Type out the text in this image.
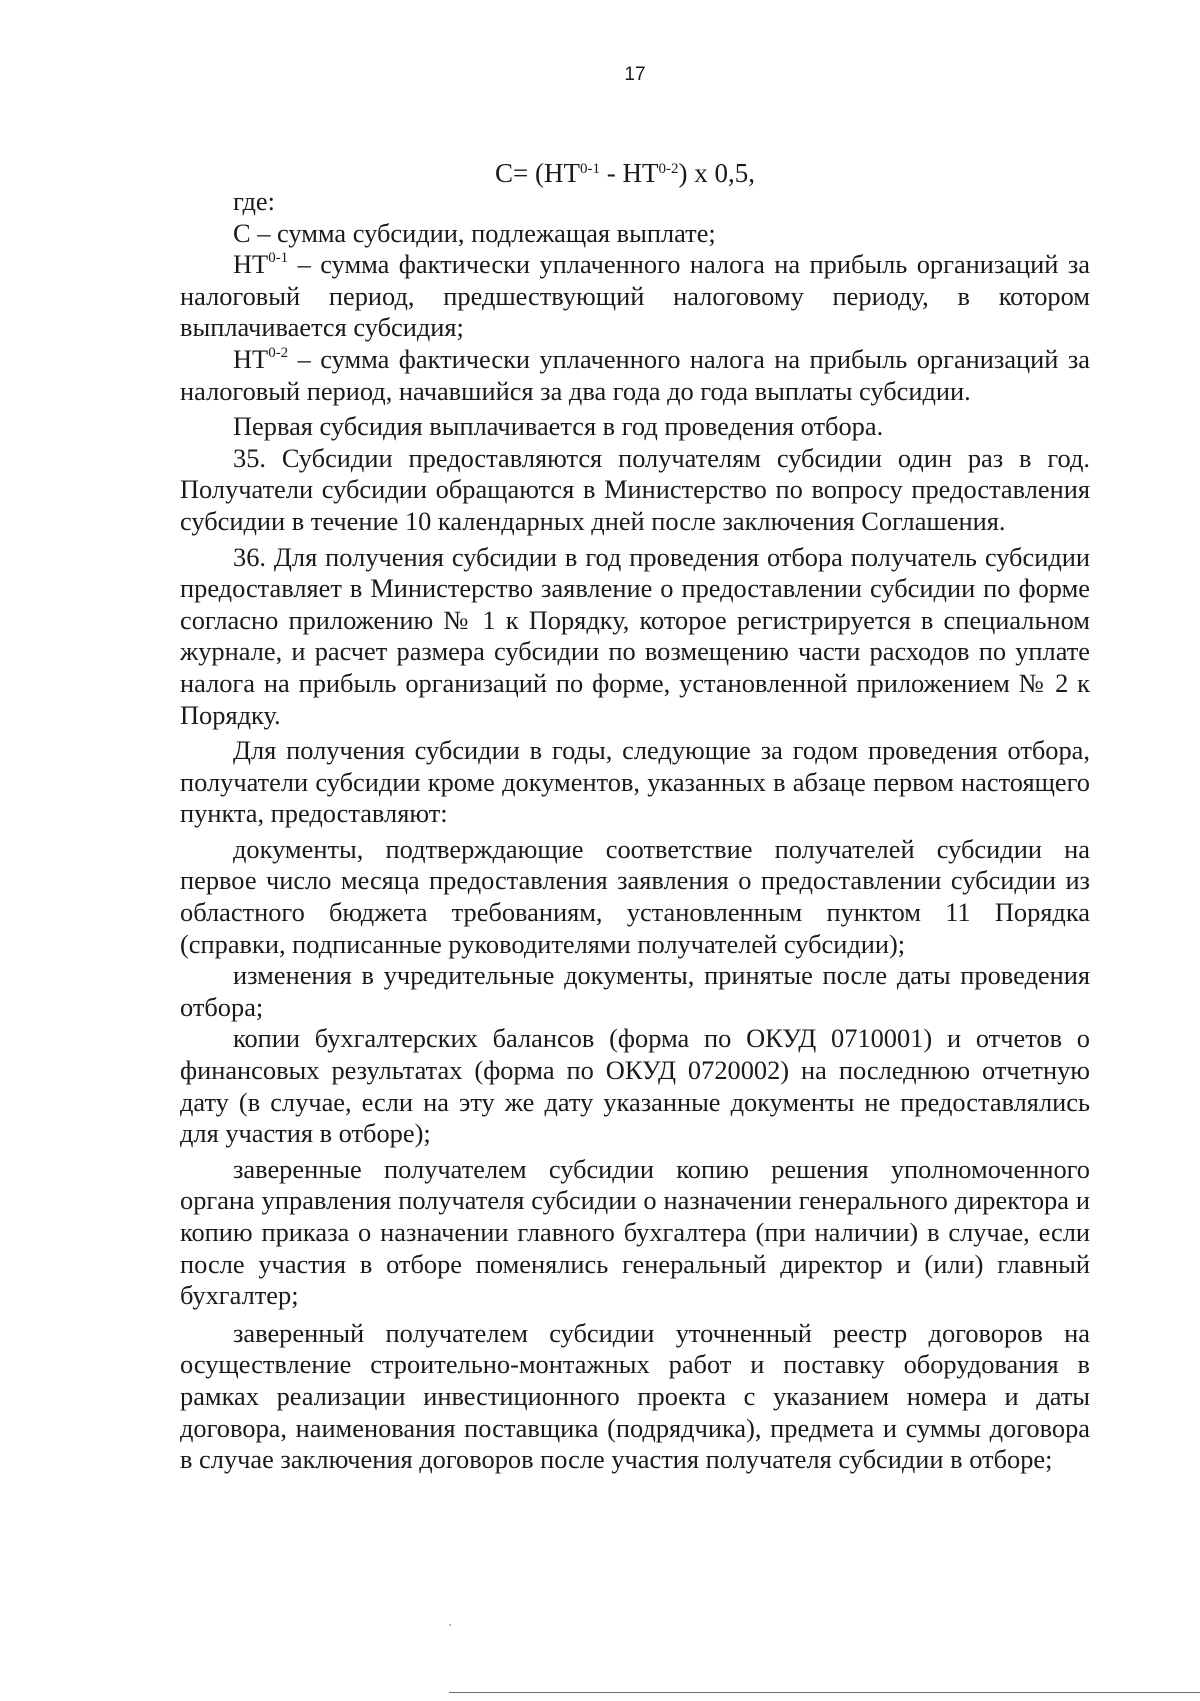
17
$С= (НТ^{0-1} - НТ^{0-2})$ х 0,5,

где:

С – сумма субсидии, подлежащая выплате;

НТ$^{0-1}$ – сумма фактически уплаченного налога на прибыль организаций за налоговый период, предшествующий налоговому периоду, в котором выплачивается субсидия;

НТ$^{0-2}$ – сумма фактически уплаченного налога на прибыль организаций за налоговый период, начавшийся за два года до года выплаты субсидии.

Первая субсидия выплачивается в год проведения отбора.

35. Субсидии предоставляются получателям субсидии один раз в год. Получатели субсидии обращаются в Министерство по вопросу предоставления субсидии в течение 10 календарных дней после заключения Соглашения.

36. Для получения субсидии в год проведения отбора получатель субсидии предоставляет в Министерство заявление о предоставлении субсидии по форме согласно приложению № 1 к Порядку, которое регистрируется в специальном журнале, и расчет размера субсидии по возмещению части расходов по уплате налога на прибыль организаций по форме, установленной приложением № 2 к Порядку.

Для получения субсидии в годы, следующие за годом проведения отбора, получатели субсидии кроме документов, указанных в абзаце первом настоящего пункта, предоставляют:

документы, подтверждающие соответствие получателей субсидии на первое число месяца предоставления заявления о предоставлении субсидии из областного бюджета требованиям, установленным пунктом 11 Порядка (справки, подписанные руководителями получателей субсидии);

изменения в учредительные документы, принятые после даты проведения отбора;

копии бухгалтерских балансов (форма по ОКУД 0710001) и отчетов о финансовых результатах (форма по ОКУД 0720002) на последнюю отчетную дату (в случае, если на эту же дату указанные документы не предоставлялись для участия в отборе);

заверенные получателем субсидии копию решения уполномоченного органа управления получателя субсидии о назначении генерального директора и копию приказа о назначении главного бухгалтера (при наличии) в случае, если после участия в отборе поменялись генеральный директор и (или) главный бухгалтер;

заверенный получателем субсидии уточненный реестр договоров на осуществление строительно-монтажных работ и поставку оборудования в рамках реализации инвестиционного проекта с указанием номера и даты договора, наименования поставщика (подрядчика), предмета и суммы договора в случае заключения договоров после участия получателя субсидии в отборе;
